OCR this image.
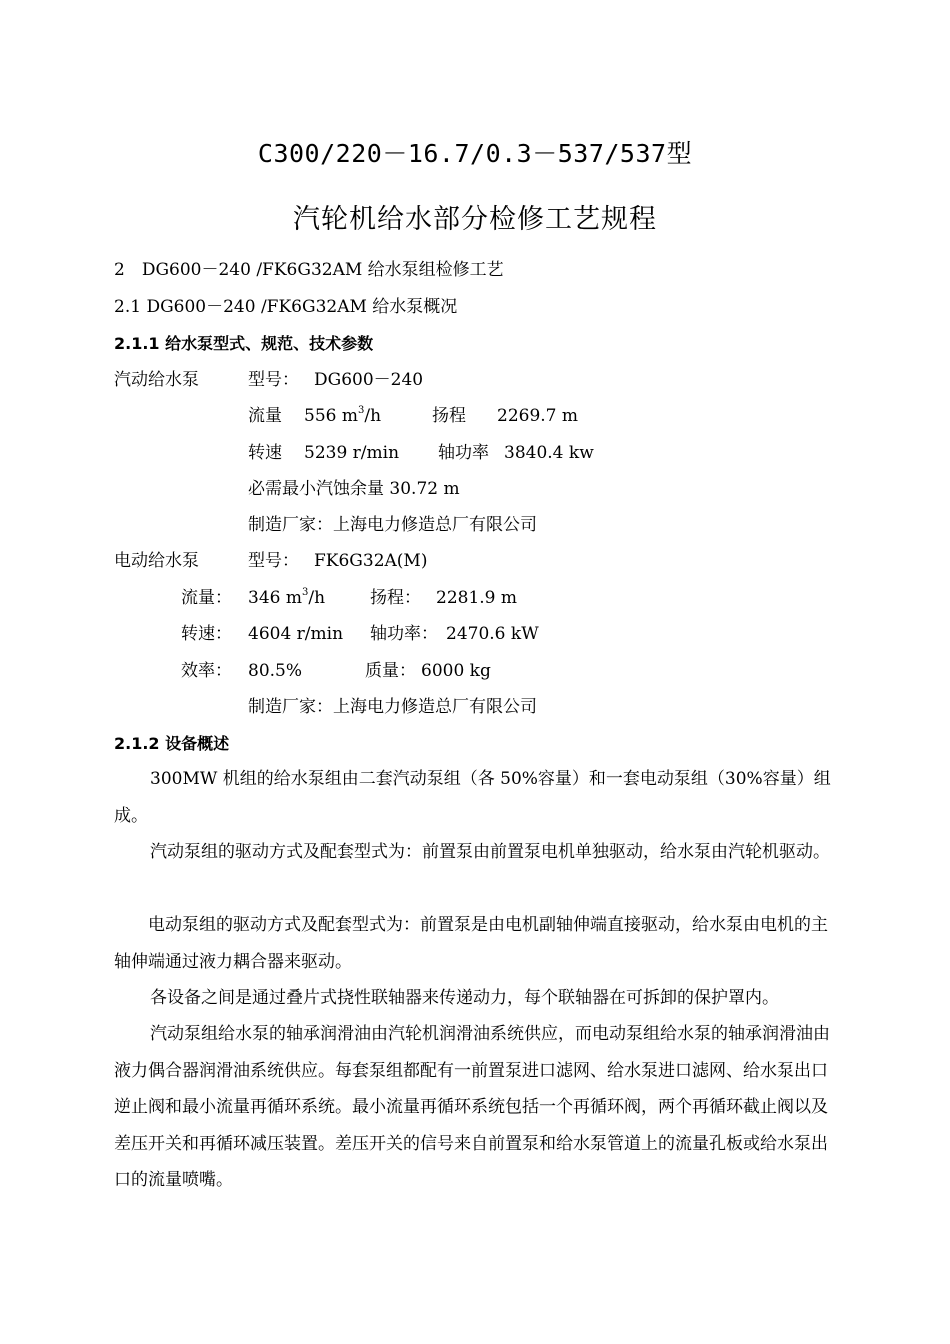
C300/220－16.7/0.3－537/537型
汽轮机给水部分检修工艺规程
2　DG600－240 /FK6G32AM 给水泵组检修工艺
2.1 DG600－240 /FK6G32AM 给水泵概况
2.1.1 给水泵型式、规范、技术参数
汽动给水泵	型号： DG600－240
流量 556 $m^3/h$	扬程 2269.7 m
转速 5239 r/min 轴功率 3840.4 kw
必需最小汽蚀余量 30.72 m
制造厂家：上海电力修造总厂有限公司
电动给水泵	型号： FK6G32A(M)
流量： 346 $m^3/h$	扬程： 2281.9 m
转速： 4604 r/min 轴功率： 2470.6 kW
效率： 80.5%	质量： 6000 kg
制造厂家：上海电力修造总厂有限公司
2.1.2 设备概述
300MW 机组的给水泵组由二套汽动泵组（各 50%容量）和一套电动泵组（30%容量）组成。
汽动泵组的驱动方式及配套型式为：前置泵由前置泵电机单独驱动，给水泵由汽轮机驱动。
电动泵组的驱动方式及配套型式为：前置泵是由电机副轴伸端直接驱动，给水泵由电机的主轴伸端通过液力耦合器来驱动。
各设备之间是通过叠片式挠性联轴器来传递动力，每个联轴器在可拆卸的保护罩内。
汽动泵组给水泵的轴承润滑油由汽轮机润滑油系统供应，而电动泵组给水泵的轴承润滑油由液力偶合器润滑油系统供应。每套泵组都配有一前置泵进口滤网、给水泵进口滤网、给水泵出口逆止阀和最小流量再循环系统。最小流量再循环系统包括一个再循环阀，两个再循环截止阀以及差压开关和再循环减压装置。差压开关的信号来自前置泵和给水泵管道上的流量孔板或给水泵出口的流量喷嘴。
